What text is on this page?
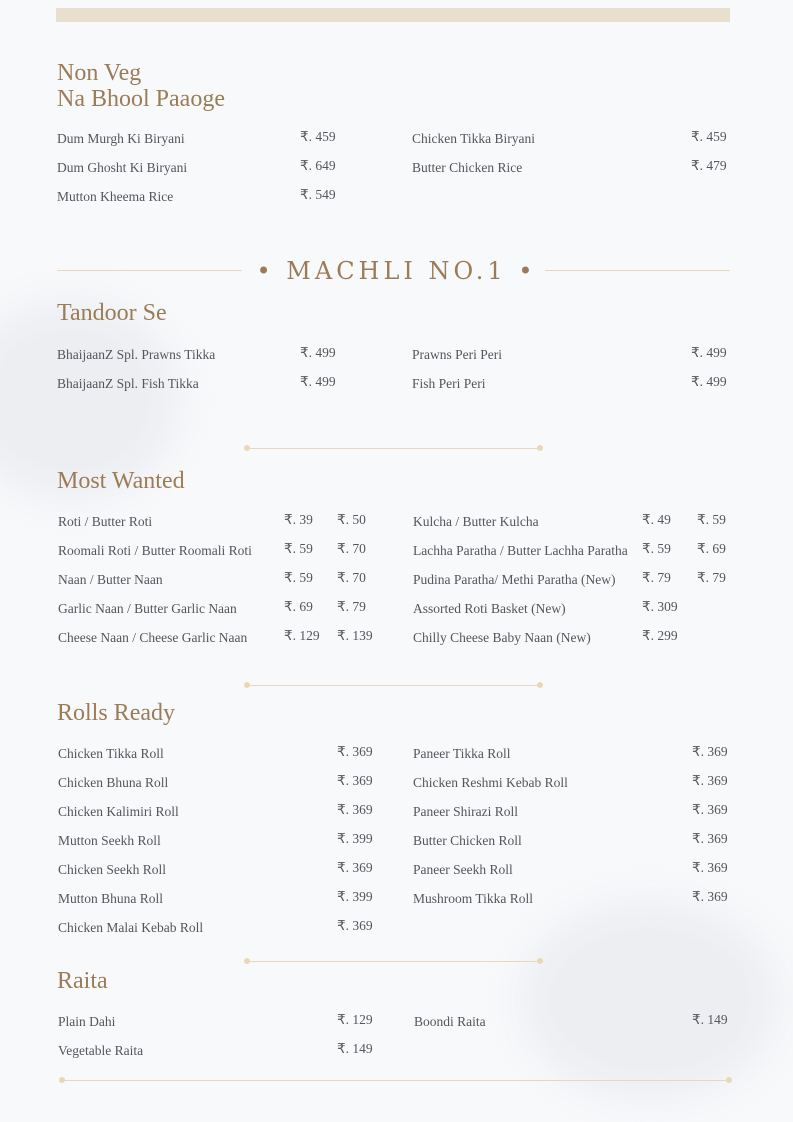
Non Veg
Na Bhool Paaoge
Dum Murgh Ki Biryani	₹. 459
Dum Ghosht Ki Biryani	₹. 649
Mutton Kheema Rice	₹. 549
Chicken Tikka Biryani	₹. 459
Butter Chicken Rice	₹. 479
• MACHLI NO.1 •
Tandoor Se
BhaijaanZ Spl. Prawns Tikka	₹. 499
BhaijaanZ Spl. Fish Tikka	₹. 499
Prawns Peri Peri	₹. 499
Fish Peri Peri	₹. 499
Most Wanted
Roti / Butter Roti	₹. 39 ₹. 50
Roomali Roti / Butter Roomali Roti ₹. 59 ₹. 70
Naan / Butter Naan	₹. 59 ₹. 70
Garlic Naan / Butter Garlic Naan	₹. 69 ₹. 79
Cheese Naan / Cheese Garlic Naan	₹. 129 ₹. 139
Kulcha / Butter Kulcha	₹. 49 ₹. 59
Lachha Paratha / Butter Lachha Paratha ₹. 59 ₹. 69
Pudina Paratha/ Methi Paratha (New) ₹. 79 ₹. 79
Assorted Roti Basket (New)	₹. 309
Chilly Cheese Baby Naan (New)	₹. 299
Rolls Ready
Chicken Tikka Roll	₹. 369
Chicken Bhuna Roll	₹. 369
Chicken Kalimiri Roll	₹. 369
Mutton Seekh Roll	₹. 399
Chicken Seekh Roll	₹. 369
Mutton Bhuna Roll	₹. 399
Chicken Malai Kebab Roll	₹. 369
Paneer Tikka Roll	₹. 369
Chicken Reshmi Kebab Roll	₹. 369
Paneer Shirazi Roll	₹. 369
Butter Chicken Roll	₹. 369
Paneer Seekh Roll	₹. 369
Mushroom Tikka Roll	₹. 369
Raita
Plain Dahi	₹. 129
Vegetable Raita	₹. 149
Boondi Raita	₹. 149
